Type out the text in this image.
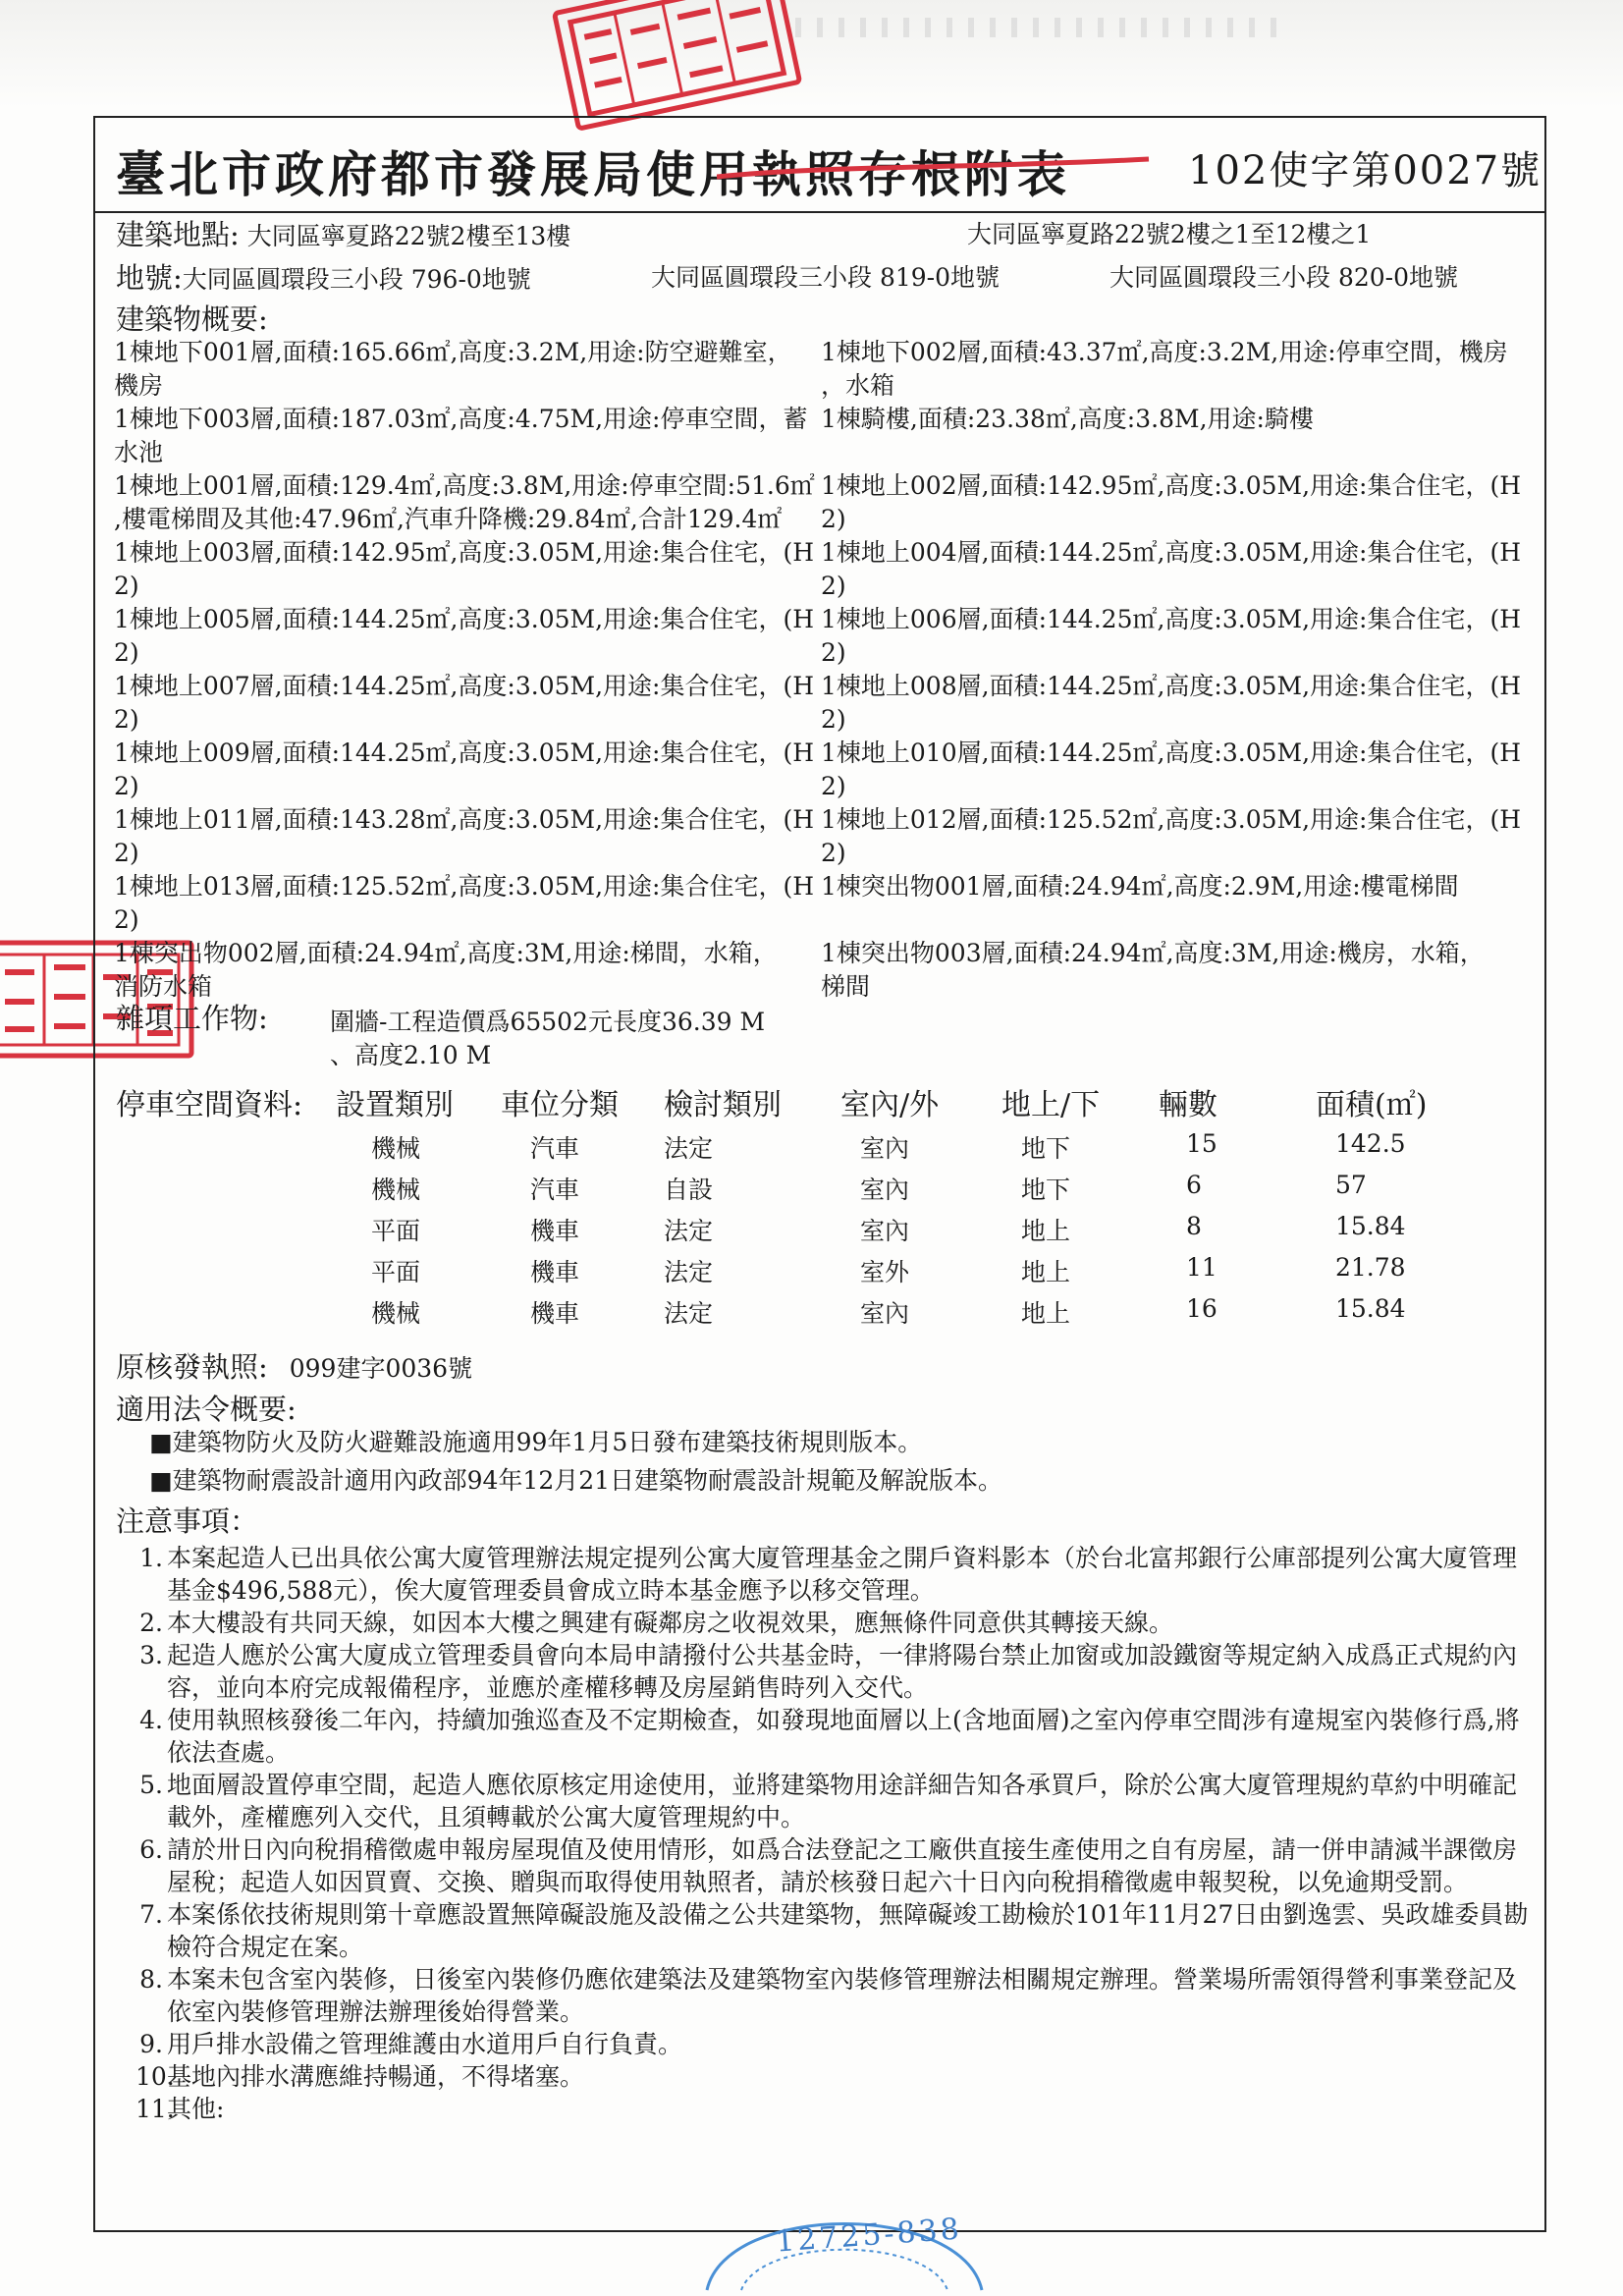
臺北市政府都市發展局使用執照存根附表	102使字第0027號
建築地點: 大同區寧夏路22號2樓至13樓	大同區寧夏路22號2樓之1至12樓之1
地號:大同區圓環段三小段 796-0地號	大同區圓環段三小段 819-0地號	大同區圓環段三小段 820-0地號
建築物概要:
1棟地下001層,面積:165.66㎡,高度:3.2M,用途:防空避難室，
機房
1棟地下002層,面積:43.37㎡,高度:3.2M,用途:停車空間，機房
，水箱
1棟地下003層,面積:187.03㎡,高度:4.75M,用途:停車空間，蓄
水池
1棟騎樓,面積:23.38㎡,高度:3.8M,用途:騎樓
1棟地上001層,面積:129.4㎡,高度:3.8M,用途:停車空間:51.6㎡
,樓電梯間及其他:47.96㎡,汽車升降機:29.84㎡,合計129.4㎡
1棟地上002層,面積:142.95㎡,高度:3.05M,用途:集合住宅，(H
2)
1棟地上003層,面積:142.95㎡,高度:3.05M,用途:集合住宅，(H
2)
1棟地上004層,面積:144.25㎡,高度:3.05M,用途:集合住宅，(H
2)
1棟地上005層,面積:144.25㎡,高度:3.05M,用途:集合住宅，(H
2)
1棟地上006層,面積:144.25㎡,高度:3.05M,用途:集合住宅，(H
2)
1棟地上007層,面積:144.25㎡,高度:3.05M,用途:集合住宅，(H
2)
1棟地上008層,面積:144.25㎡,高度:3.05M,用途:集合住宅，(H
2)
1棟地上009層,面積:144.25㎡,高度:3.05M,用途:集合住宅，(H
2)
1棟地上010層,面積:144.25㎡,高度:3.05M,用途:集合住宅，(H
2)
1棟地上011層,面積:143.28㎡,高度:3.05M,用途:集合住宅，(H
2)
1棟地上012層,面積:125.52㎡,高度:3.05M,用途:集合住宅，(H
2)
1棟地上013層,面積:125.52㎡,高度:3.05M,用途:集合住宅，(H
2)
1棟突出物001層,面積:24.94㎡,高度:2.9M,用途:樓電梯間
1棟突出物002層,面積:24.94㎡,高度:3M,用途:梯間，水箱，
消防水箱
1棟突出物003層,面積:24.94㎡,高度:3M,用途:機房，水箱，
梯間
雜項工作物:	圍牆-工程造價爲65502元長度36.39 M
、高度2.10 M
停車空間資料: 設置類別 車位分類 檢討類別 室內/外 地上/下 輛數	面積(㎡)
機械	汽車	法定	室內	地下	15	142.5
機械	汽車	自設	室內	地下	6	57
平面	機車	法定	室內	地上	8	15.84
平面	機車	法定	室外	地上	11	21.78
機械	機車	法定	室內	地上	16	15.84
原核發執照: 099建字0036號
適用法令概要:
■建築物防火及防火避難設施適用99年1月5日發布建築技術規則版本。
■建築物耐震設計適用內政部94年12月21日建築物耐震設計規範及解說版本。
注意事項：
1. 本案起造人已出具依公寓大廈管理辦法規定提列公寓大廈管理基金之開戶資料影本（於台北富邦銀行公庫部提列公寓大廈管理基金$496,588元），俟大廈管理委員會成立時本基金應予以移交管理。
2. 本大樓設有共同天線，如因本大樓之興建有礙鄰房之收視效果，應無條件同意供其轉接天線。
3. 起造人應於公寓大廈成立管理委員會向本局申請撥付公共基金時，一律將陽台禁止加窗或加設鐵窗等規定納入成爲正式規約內容，並向本府完成報備程序，並應於產權移轉及房屋銷售時列入交代。
4. 使用執照核發後二年內，持續加強巡查及不定期檢查，如發現地面層以上(含地面層)之室內停車空間涉有違規室內裝修行爲,將依法查處。
5. 地面層設置停車空間，起造人應依原核定用途使用，並將建築物用途詳細告知各承買戶，除於公寓大廈管理規約草約中明確記載外，產權應列入交代，且須轉載於公寓大廈管理規約中。
6. 請於卅日內向稅捐稽徵處申報房屋現值及使用情形，如爲合法登記之工廠供直接生產使用之自有房屋，請一併申請減半課徵房屋稅；起造人如因買賣、交換、贈與而取得使用執照者，請於核發日起六十日內向稅捐稽徵處申報契稅，以免逾期受罰。
7. 本案係依技術規則第十章應設置無障礙設施及設備之公共建築物，無障礙竣工勘檢於101年11月27日由劉逸雲、吳政雄委員勘檢符合規定在案。
8. 本案未包含室內裝修，日後室內裝修仍應依建築法及建築物室內裝修管理辦法相關規定辦理。營業場所需領得營利事業登記及依室內裝修管理辦法辦理後始得營業。
9. 用戶排水設備之管理維護由水道用戶自行負責。
10.
基地內排水溝應維持暢通，不得堵塞。
11.
其他:
12725-838
